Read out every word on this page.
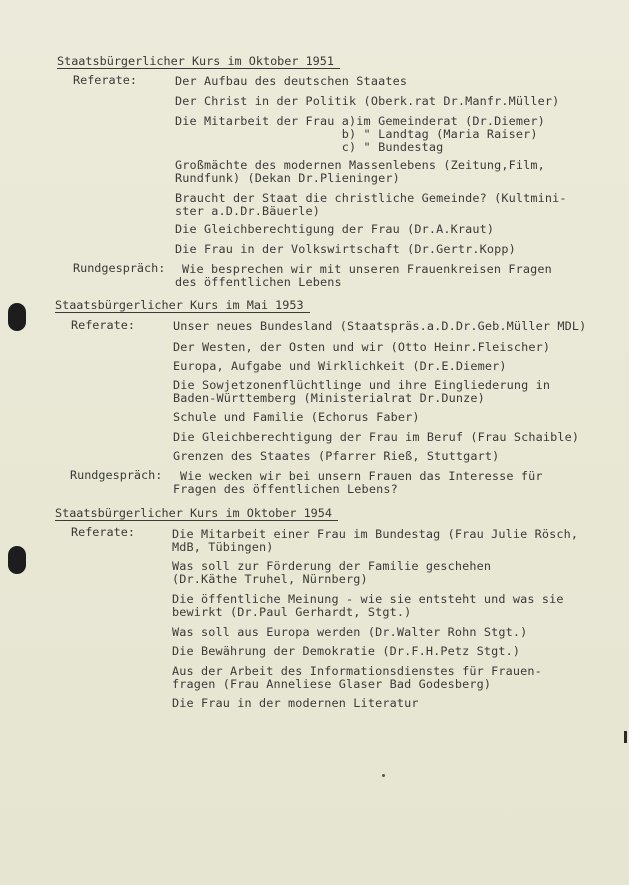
Staatsbürgerlicher Kurs im Oktober 1951
Referate:	Der Aufbau des deutschen Staates
Der Christ in der Politik (Oberk.rat Dr.Manfr.Müller)
Die Mitarbeit der Frau a)im Gemeinderat (Dr.Diemer)
b) " Landtag (Maria Raiser)
c) " Bundestag
Großmächte des modernen Massenlebens (Zeitung,Film,
Rundfunk) (Dekan Dr.Plieninger)
Braucht der Staat die christliche Gemeinde? (Kultmini-
ster a.D.Dr.Bäuerle)
Die Gleichberechtigung der Frau (Dr.A.Kraut)
Die Frau in der Volkswirtschaft (Dr.Gertr.Kopp)
Rundgespräch: Wie besprechen wir mit unseren Frauenkreisen Fragen
des öffentlichen Lebens
Staatsbürgerlicher Kurs im Mai 1953
Referate:	Unser neues Bundesland (Staatspräs.a.D.Dr.Geb.Müller MDL)
Der Westen, der Osten und wir (Otto Heinr.Fleischer)
Europa, Aufgabe und Wirklichkeit (Dr.E.Diemer)
Die Sowjetzonenflüchtlinge und ihre Eingliederung in
Baden-Württemberg (Ministerialrat Dr.Dunze)
Schule und Familie (Echorus Faber)
Die Gleichberechtigung der Frau im Beruf (Frau Schaible)
Grenzen des Staates (Pfarrer Rieß, Stuttgart)
Rundgespräch: Wie wecken wir bei unsern Frauen das Interesse für
Fragen des öffentlichen Lebens?
Staatsbürgerlicher Kurs im Oktober 1954
Referate:	Die Mitarbeit einer Frau im Bundestag (Frau Julie Rösch,
MdB, Tübingen)
Was soll zur Förderung der Familie geschehen
(Dr.Käthe Truhel, Nürnberg)
Die öffentliche Meinung - wie sie entsteht und was sie
bewirkt (Dr.Paul Gerhardt, Stgt.)
Was soll aus Europa werden (Dr.Walter Rohn Stgt.)
Die Bewährung der Demokratie (Dr.F.H.Petz Stgt.)
Aus der Arbeit des Informationsdienstes für Frauen-
fragen (Frau Anneliese Glaser Bad Godesberg)
Die Frau in der modernen Literatur
